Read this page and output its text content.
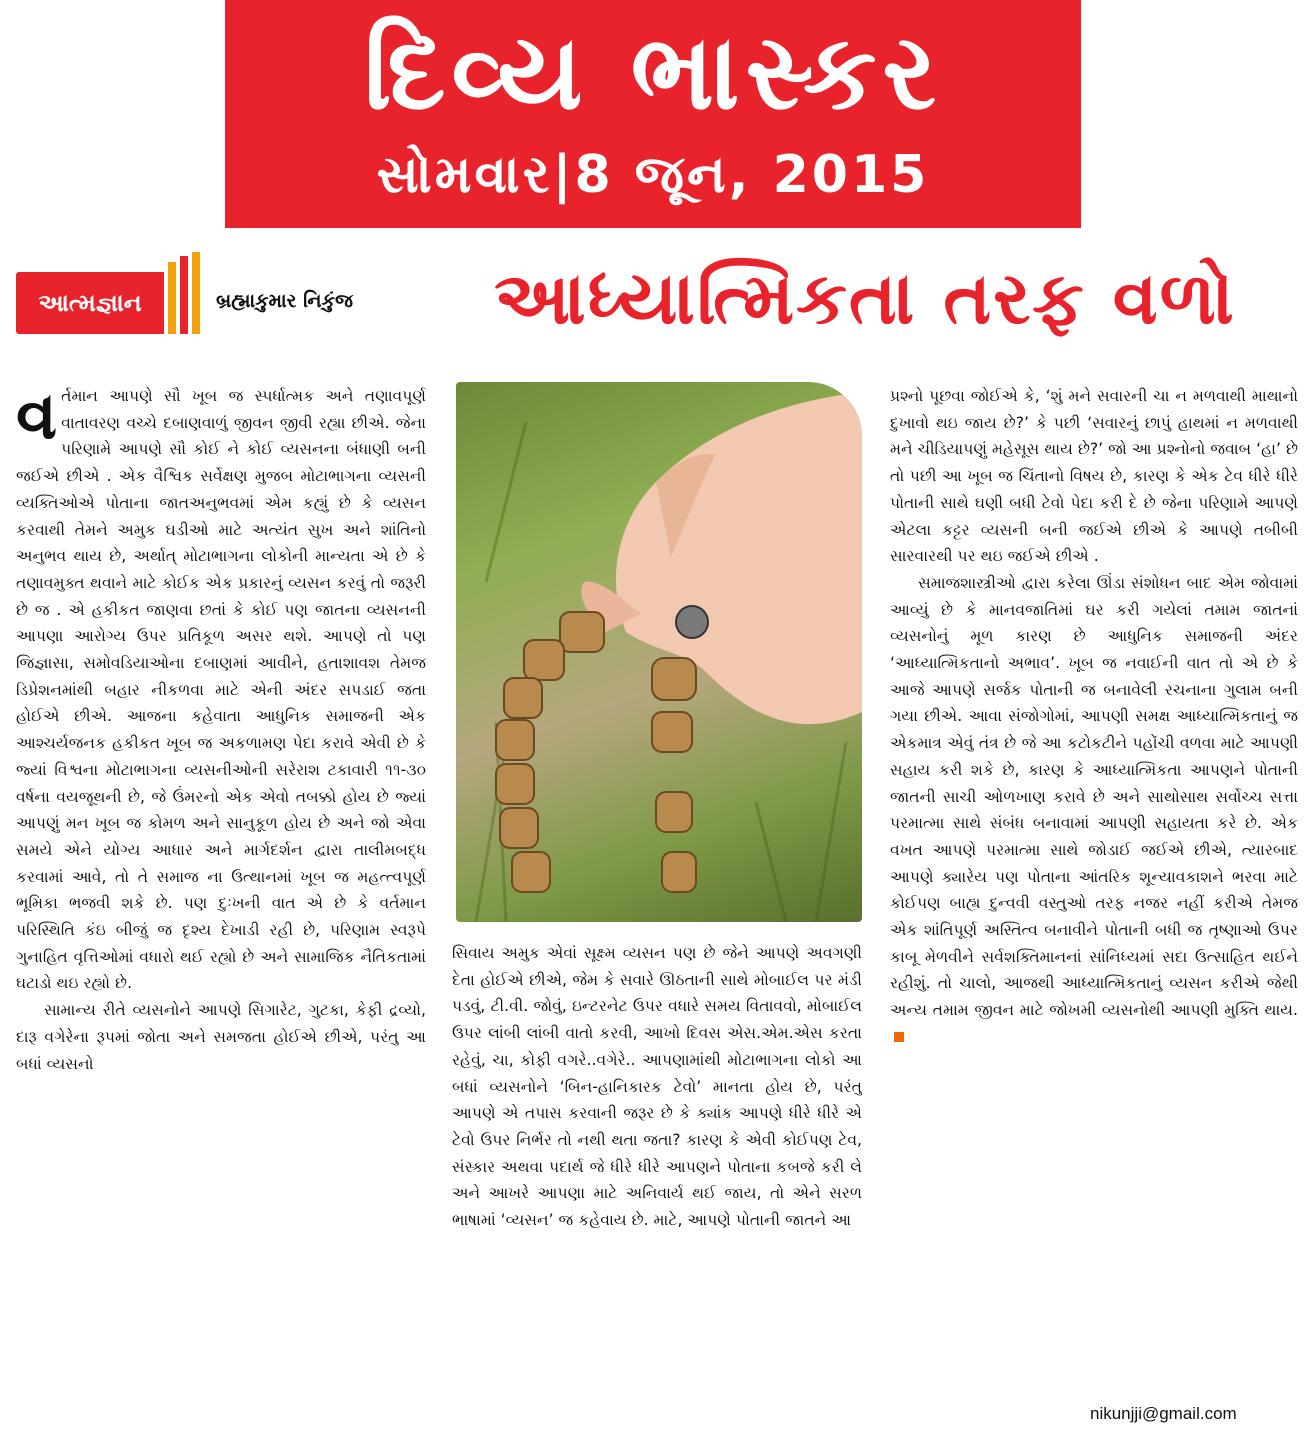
દિવ્ય ભાસ્કર
સોમવાર|8 જૂન, 2015
આત્મજ્ઞાન	બ્રહ્માકુમાર નિકુંજ	આધ્યાત્મિકતા તરફ વળો

વર્તમાન આપણે સૌ ખૂબ જ સ્પર્ધાત્મક અને તણાવપૂર્ણ વાતાવરણ વચ્ચે દબાણવાળું જીવન જીવી રહ્યા છીએ. જેના પરિણામે આપણે સૌ કોઈ ને કોઈ વ્યસનના બંધાણી બની જઈએ છીએ . એક વૈશ્વિક સર્વેક્ષણ મુજબ મોટાભાગના વ્યસની વ્યક્તિઓએ પોતાના જાતઅનુભવમાં એમ કહ્યું છે કે વ્યસન કરવાથી તેમને અમુક ઘડીઓ માટે અત્યંત સુખ અને શાંતિનો અનુભવ થાય છે, અર્થાત્ મોટાભાગના લોકોની માન્યતા એ છે કે તણાવમુક્ત થવાને માટે કોઈક એક પ્રકારનું વ્યસન કરવું તો જરૂરી છે જ . એ હકીકત જાણવા છતાં કે કોઈ પણ જાતના વ્યસનની આપણા આરોગ્ય ઉપર પ્રતિકૂળ અસર થશે. આપણે તો પણ જિજ્ઞાસા, સમોવડિયાઓના દબાણમાં આવીને, હતાશાવશ તેમજ ડિપ્રેશનમાંથી બહાર નીકળવા માટે એની અંદર સપડાઈ જતા હોઈએ છીએ. આજના કહેવાતા આધુનિક સમાજની એક આશ્ચર્યજનક હકીકત ખૂબ જ અકળામણ પેદા કરાવે એવી છે કે જ્યાં વિશ્વના મોટાભાગના વ્યસનીઓની સરેરાશ ટકાવારી ૧૧-૩૦ વર્ષના વયજૂથની છે, જે ઉંમરનો એક એવો તબક્કો હોય છે જ્યાં આપણું મન ખૂબ જ કોમળ અને સાનુકૂળ હોય છે અને જો એવા સમયે એને યોગ્ય આધાર અને માર્ગદર્શન દ્વારા તાલીમબદ્ધ કરવામાં આવે, તો તે સમાજ ના ઉત્થાનમાં ખૂબ જ મહત્ત્વપૂર્ણ ભૂમિકા ભજવી શકે છે. પણ દુઃખની વાત એ છે કે વર્તમાન પરિસ્થિતિ કંઇ બીજું જ દૃશ્ય દેખાડી રહી છે, પરિણામ સ્વરૂપે ગુનાહિત વૃત્તિઓમાં વધારો થઈ રહ્યો છે અને સામાજિક નૈતિકતામાં ઘટાડો થઇ રહ્યો છે.

સામાન્ય રીતે વ્યસનોને આપણે સિગારેટ, ગુટકા, કેફી દ્રવ્યો, દારૂ વગેરેના રૂપમાં જોતા અને સમજતા હોઈએ છીએ, પરંતુ આ બધાં વ્યસનો

સિવાય અમુક એવાં સૂક્ષ્મ વ્યસન પણ છે જેને આપણે અવગણી દેતા હોઈએ છીએ, જેમ કે સવારે ઊઠતાની સાથે મોબાઈલ પર મંડી પડવું, ટી.વી. જોવું, ઇન્ટરનેટ ઉપર વધારે સમય વિતાવવો, મોબાઈલ ઉપર લાંબી લાંબી વાતો કરવી, આખો દિવસ એસ.એમ.એસ કરતા રહેવું, ચા, કોફી વગરે..વગેરે.. આપણામાંથી મોટાભાગના લોકો આ બધાં વ્યસનોને ‘બિન-હાનિકારક ટેવો’ માનતા હોય છે, પરંતુ આપણે એ તપાસ કરવાની જરૂર છે કે ક્યાંક આપણે ધીરે ધીરે એ ટેવો ઉપર નિર્ભર તો નથી થતા જતા? કારણ કે એવી કોઈપણ ટેવ, સંસ્કાર અથવા પદાર્થ જે ધીરે ધીરે આપણને પોતાના કબજે કરી લે અને આખરે આપણા માટે અનિવાર્ય થઈ જાય, તો એને સરળ ભાષામાં ‘વ્યસન’ જ કહેવાય છે. માટે, આપણે પોતાની જાતને આ

પ્રશ્નો પૂછવા જોઈએ કે, ‘શું મને સવારની ચા ન મળવાથી માથાનો દુખાવો થઇ જાય છે?’ કે પછી ‘સવારનું છાપું હાથમાં ન મળવાથી મને ચીડિયાપણું મહેસૂસ થાય છે?’ જો આ પ્રશ્નોનો જવાબ ‘હા’ છે તો પછી આ ખૂબ જ ચિંતાનો વિષય છે, કારણ કે એક ટેવ ધીરે ધીરે પોતાની સાથે ઘણી બધી ટેવો પેદા કરી દે છે જેના પરિણામે આપણે એટલા કટ્ટર વ્યસની બની જઈએ છીએ કે આપણે તબીબી સારવારથી પર થઇ જઈએ છીએ .

સમાજશાસ્ત્રીઓ દ્વારા કરેલા ઊંડા સંશોધન બાદ એમ જોવામાં આવ્યું છે કે માનવજાતિમાં ઘર કરી ગયેલાં તમામ જાતનાં વ્યસનોનું મૂળ કારણ છે આધુનિક સમાજની અંદર ‘આધ્યાત્મિકતાનો અભાવ’. ખૂબ જ નવાઈની વાત તો એ છે કે આજે આપણે સર્જક પોતાની જ બનાવેલી રચનાના ગુલામ બની ગયા છીએ. આવા સંજોગોમાં, આપણી સમક્ષ આધ્યાત્મિકતાનું જ એકમાત્ર એવું તંત્ર છે જે આ કટોકટીને પહોંચી વળવા માટે આપણી સહાય કરી શકે છે, કારણ કે આધ્યાત્મિકતા આપણને પોતાની જાતની સાચી ઓળખાણ કરાવે છે અને સાથોસાથ સર્વોચ્ચ સત્તા પરમાત્મા સાથે સંબંધ બનાવામાં આપણી સહાયતા કરે છે. એક વખત આપણે પરમાત્મા સાથે જોડાઈ જઈએ છીએ, ત્યારબાદ આપણે ક્યારેય પણ પોતાના આંતરિક શૂન્યાવકાશને ભરવા માટે કોઈપણ બાહ્ય દુન્વવી વસ્તુઓ તરફ નજર નહીં કરીએ તેમજ એક શાંતિપૂર્ણ અસ્તિત્વ બનાવીને પોતાની બધી જ તૃષ્ણાઓ ઉપર કાબૂ મેળવીને સર્વશક્તિમાનનાં સાંનિધ્યમાં સદા ઉત્સાહિત થઈને રહીશું. તો ચાલો, આજથી આધ્યાત્મિકતાનું વ્યસન કરીએ જેથી અન્ય તમામ જીવન માટે જોખમી વ્યસનોથી આપણી મુક્તિ થાય.

nikunjji@gmail.com
